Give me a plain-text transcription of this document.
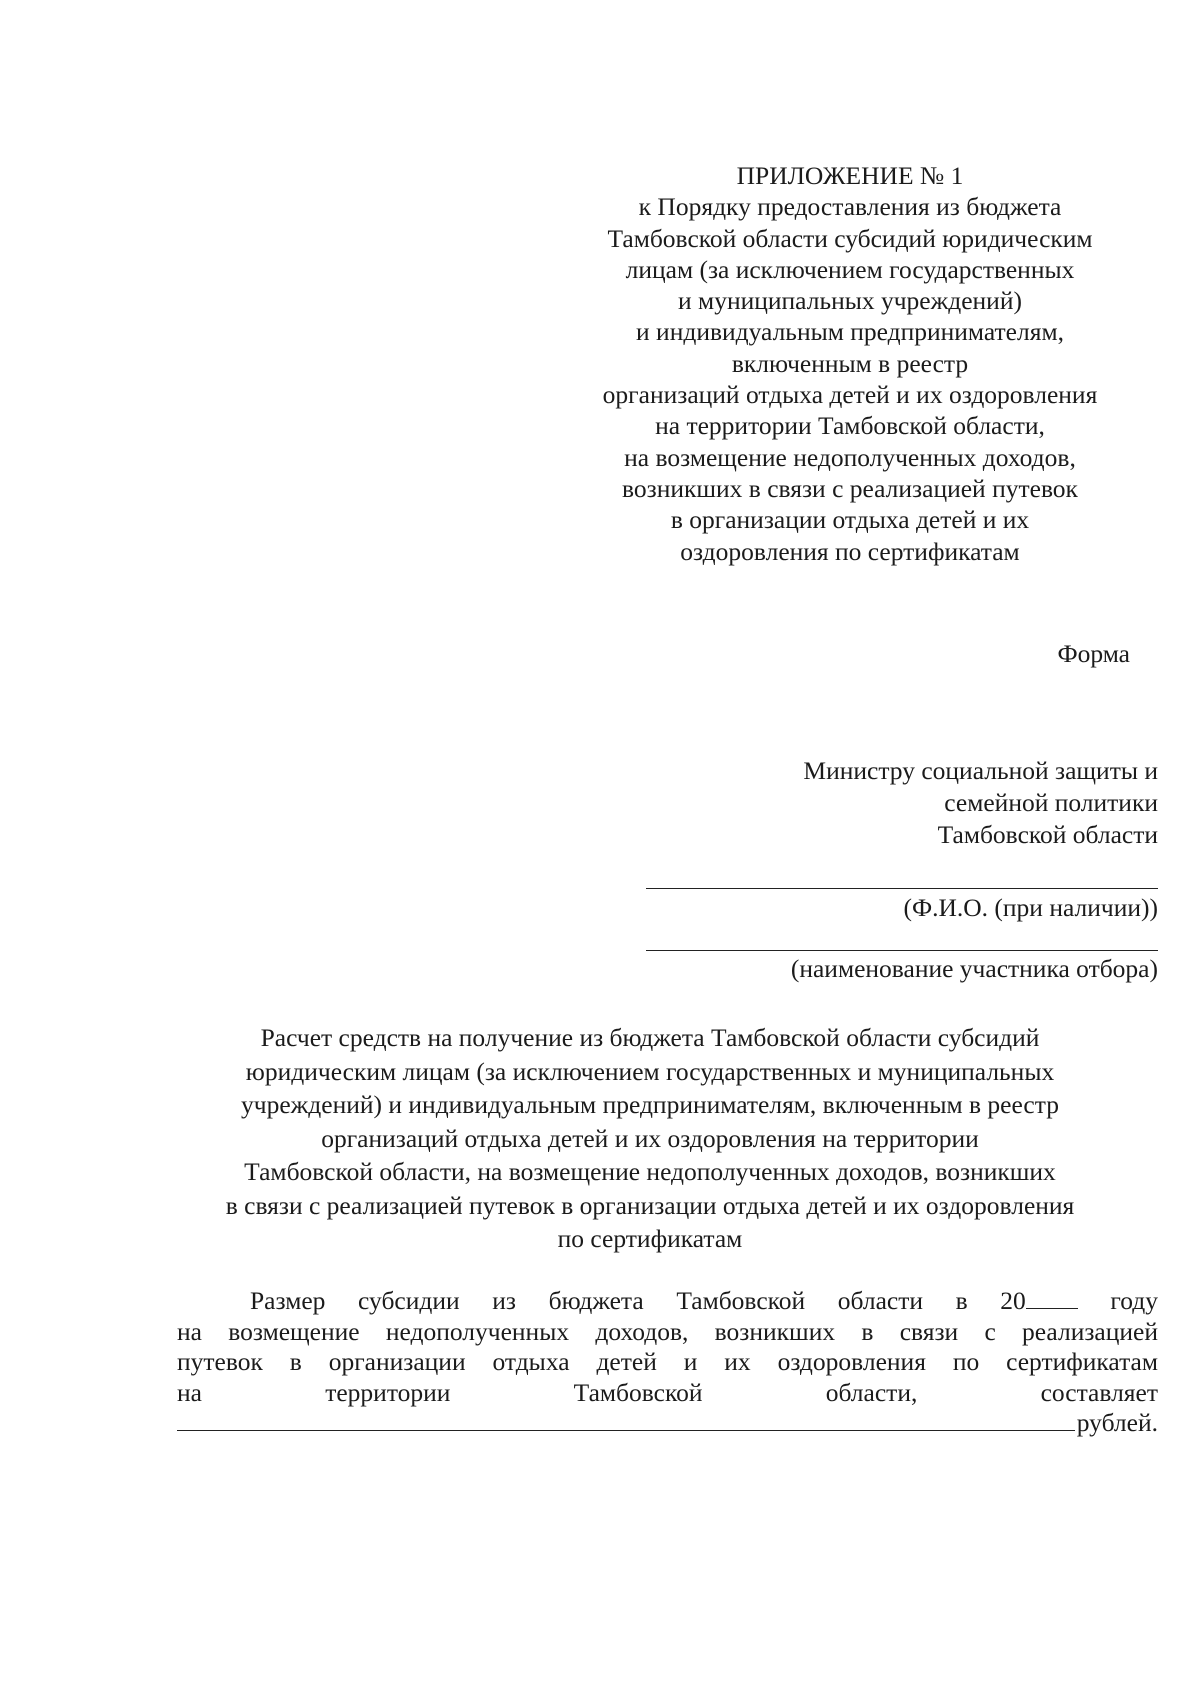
ПРИЛОЖЕНИЕ № 1
к Порядку предоставления из бюджета
Тамбовской области субсидий юридическим
лицам (за исключением государственных
и муниципальных учреждений)
и индивидуальным предпринимателям,
включенным в реестр
организаций отдыха детей и их оздоровления
на территории Тамбовской области,
на возмещение недополученных доходов,
возникших в связи с реализацией путевок
в организации отдыха детей и их
оздоровления по сертификатам
Форма
Министру социальной защиты и
семейной политики
Тамбовской области
(Ф.И.О. (при наличии))
(наименование участника отбора)
Расчет средств на получение из бюджета Тамбовской области субсидий
юридическим лицам (за исключением государственных и муниципальных
учреждений) и индивидуальным предпринимателям, включенным в реестр
организаций отдыха детей и их оздоровления на территории
Тамбовской области, на возмещение недополученных доходов, возникших
в связи с реализацией путевок в организации отдыха детей и их оздоровления
по сертификатам
Размер субсидии из бюджета Тамбовской области в 20	году
на возмещение недополученных доходов, возникших в связи с реализацией
путевок в организации отдыха детей и их оздоровления по сертификатам
на территории Тамбовской области, составляет
рублей.
